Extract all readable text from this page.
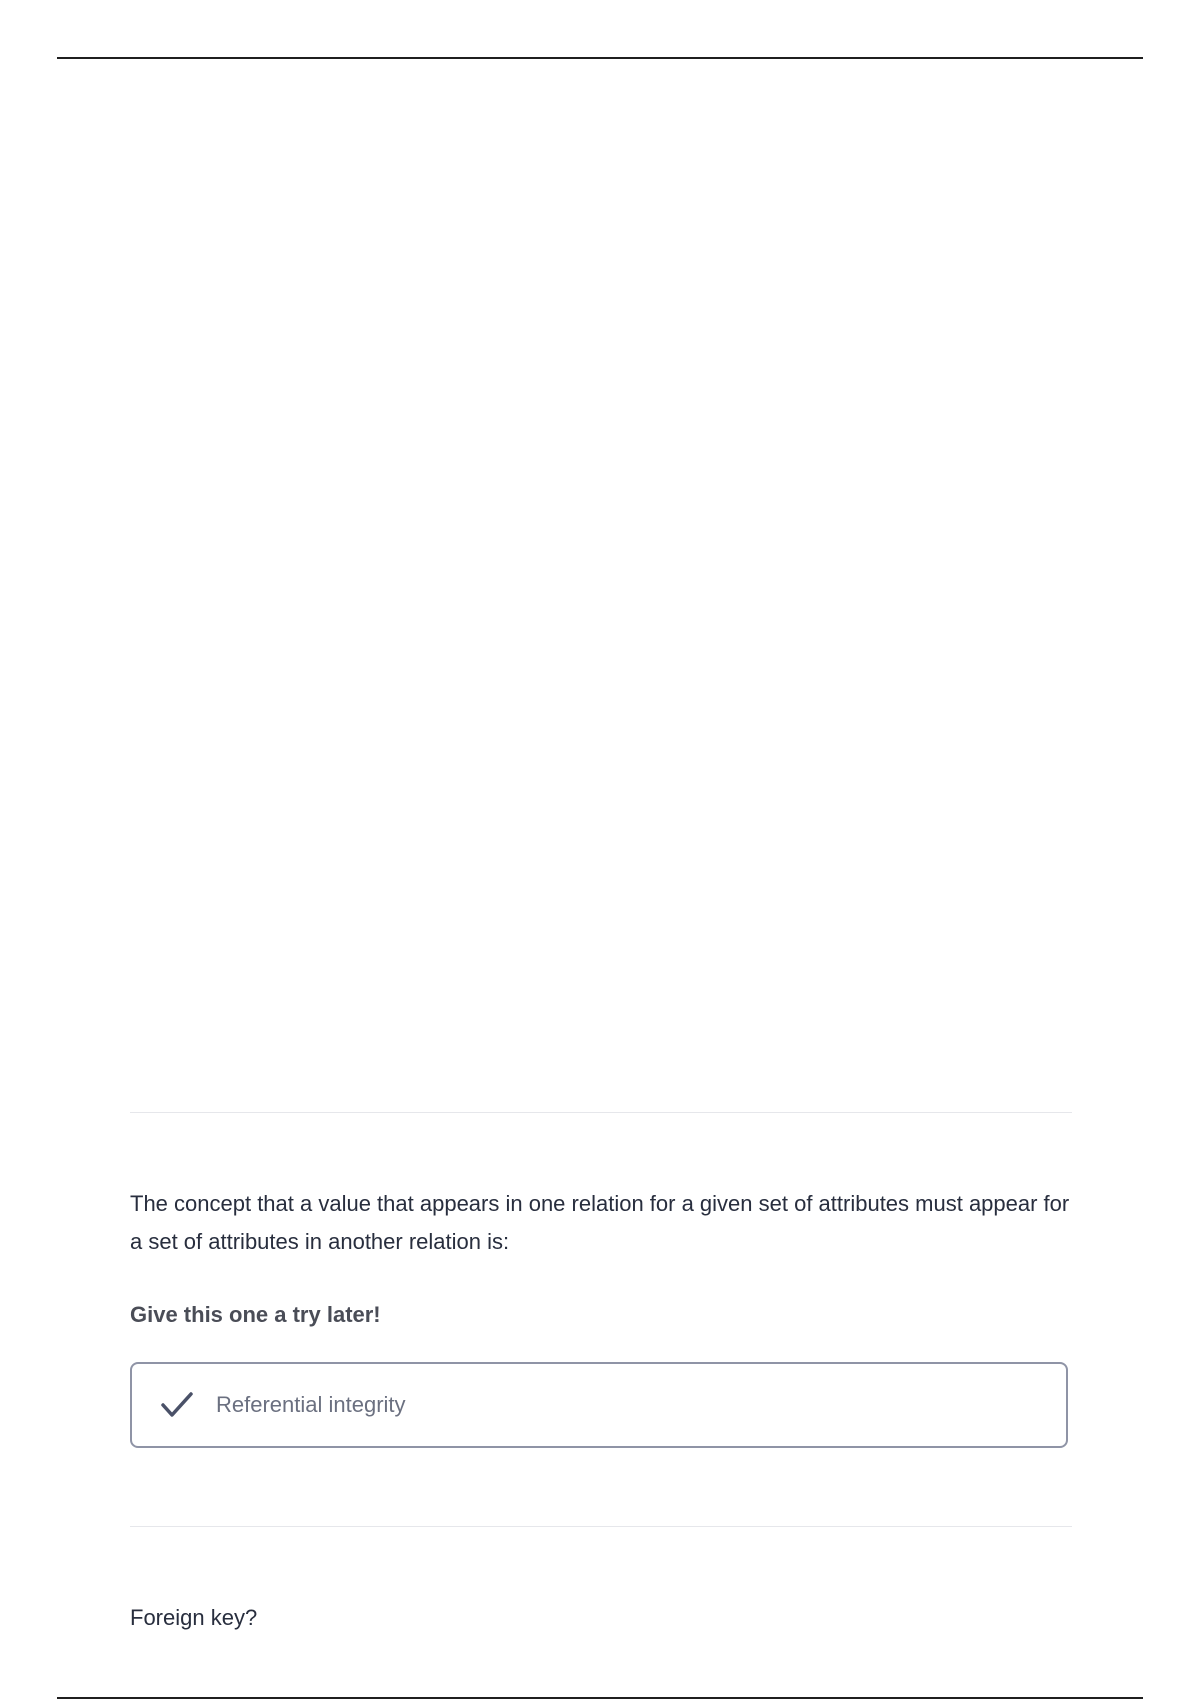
The concept that a value that appears in one relation for a given set of attributes must appear for a set of attributes in another relation is:

Give this one a try later!

Referential integrity

Foreign key?
